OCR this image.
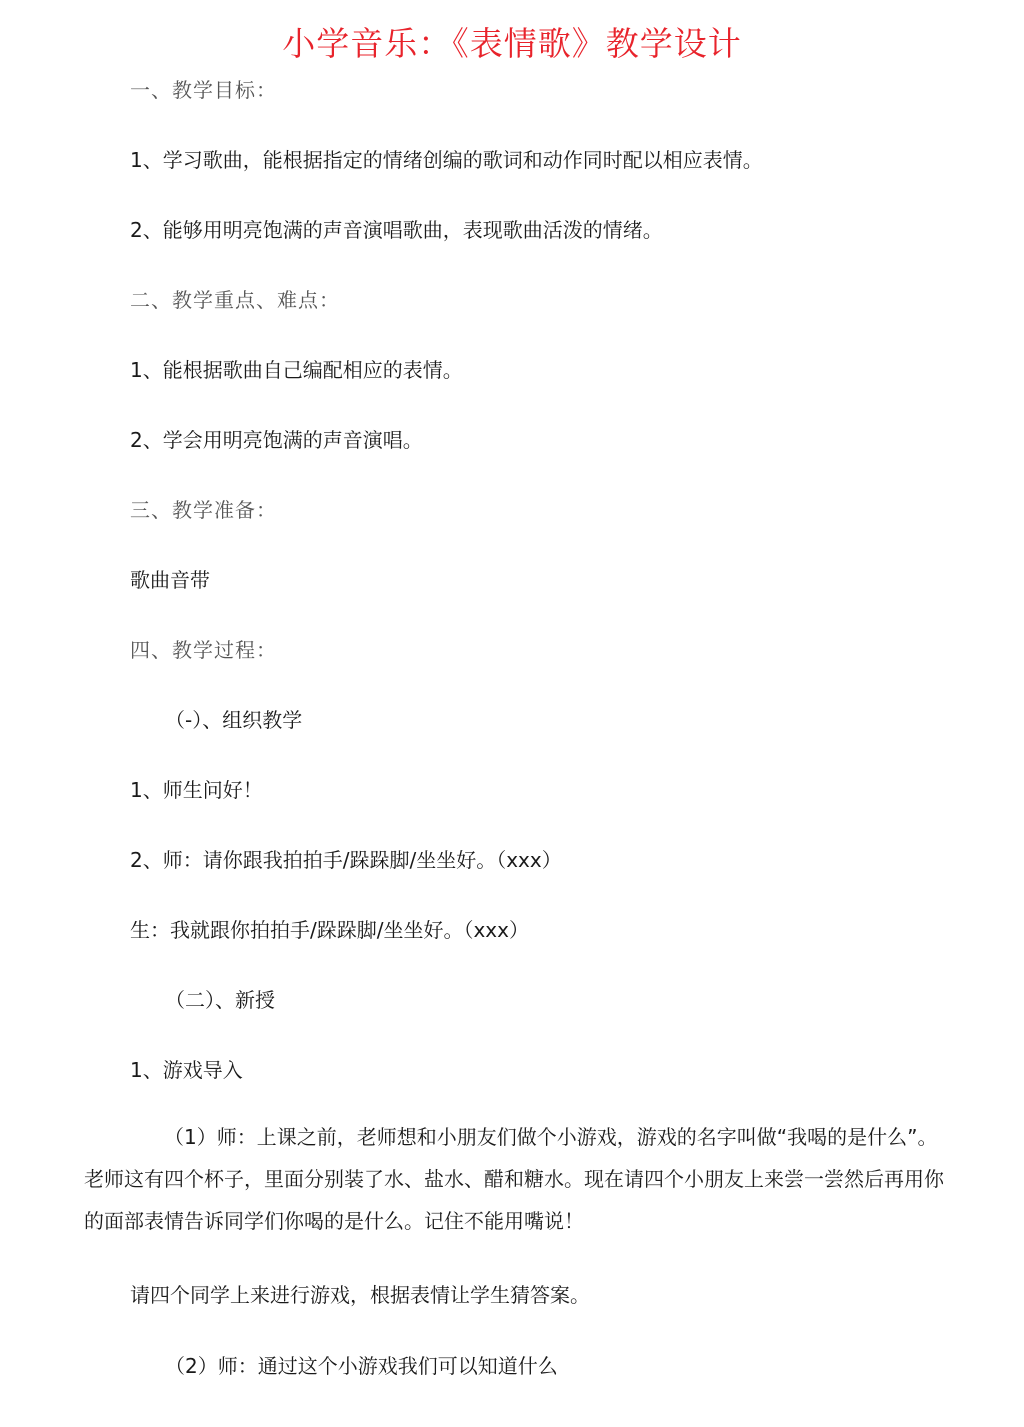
小学音乐：《表情歌》教学设计
一、教学目标：
1、学习歌曲，能根据指定的情绪创编的歌词和动作同时配以相应表情。
2、能够用明亮饱满的声音演唱歌曲，表现歌曲活泼的情绪。
二、教学重点、难点：
1、能根据歌曲自己编配相应的表情。
2、学会用明亮饱满的声音演唱。
三、教学准备：
歌曲音带
四、教学过程：
（-）、组织教学
1、师生问好！
2、师：请你跟我拍拍手/跺跺脚/坐坐好。（xxx）
生：我就跟你拍拍手/跺跺脚/坐坐好。（xxx）
（二）、新授
1、游戏导入
（1）师：上课之前，老师想和小朋友们做个小游戏，游戏的名字叫做“我喝的是什么”。老师这有四个杯子，里面分别装了水、盐水、醋和糖水。现在请四个小朋友上来尝一尝然后再用你的面部表情告诉同学们你喝的是什么。记住不能用嘴说！
请四个同学上来进行游戏，根据表情让学生猜答案。
（2）师：通过这个小游戏我们可以知道什么
